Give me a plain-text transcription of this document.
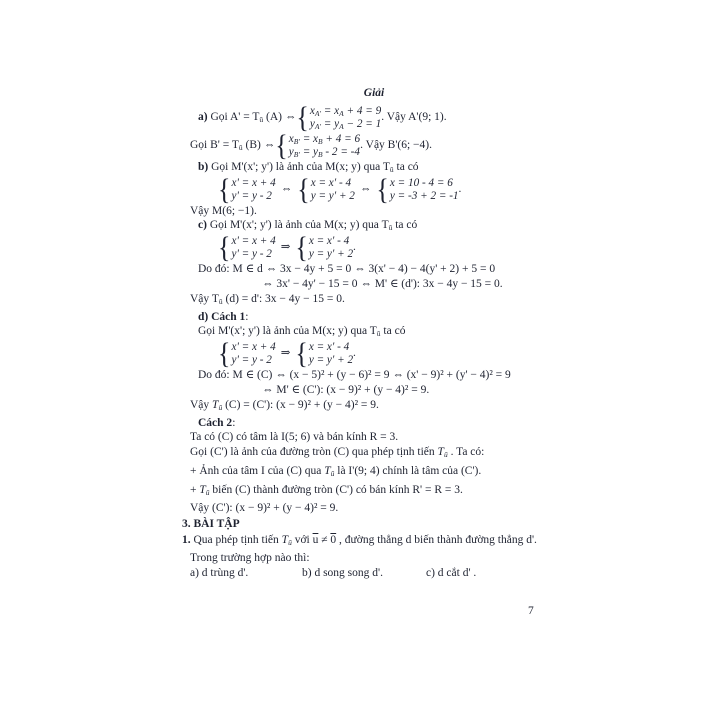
Giải
a) Gọi $A' = T_ū$ (A) ⇔ { $x_{A'} = x_A + 4 = 9$
$y_{A'} = y_A - 2 = 1$
. Vậy A'(9; 1).
Gọi $B' = T_ū$ (B) ⇔ { $x_{B'} = x_B + 4 = 6$
$y_{B'} = y_B - 2 = -4$
. Vậy B'(6; −4).
b) Gọi M'(x'; y') là ảnh của M(x; y) qua $T_ū$ ta có
{ x' = x + 4
y' = y - 2
⇔ { x = x' - 4
y = y' + 2
⇔ { x = 10 - 4 = 6
y = -3 + 2 = -1
.
Vậy M(6; −1).
c) Gọi M'(x'; y') là ảnh của M(x; y) qua $T_ū$ ta có
{ x' = x + 4
y' = y - 2
⇒ { x = x' - 4
y = y' + 2
.
Do đó: M ∈ d ⇔ 3x − 4y + 5 = 0 ⇔ 3(x' − 4) − 4(y' + 2) + 5 = 0
⇔ 3x' − 4y' − 15 = 0 ⇔ M' ∈ (d'): 3x − 4y − 15 = 0.
Vậy $T_ū$ (d) = d': 3x − 4y − 15 = 0.
d) Cách 1:
Gọi M'(x'; y') là ảnh của M(x; y) qua $T_ū$ ta có
{ x' = x + 4
y' = y - 2
⇒ { x = x' - 4
y = y' + 2
.
Do đó: M ∈ (C) ⇔ (x − 5)² + (y − 6)² = 9 ⇔ (x' − 9)² + (y' − 4)² = 9
⇔ M' ∈ (C'): (x − 9)² + (y − 4)² = 9.
Vậy $T_ū$ (C) = (C'): (x − 9)² + (y − 4)² = 9.
Cách 2:
Ta có (C) có tâm là I(5; 6) và bán kính R = 3.
Gọi (C') là ảnh của đường tròn (C) qua phép tịnh tiến $T_ū$ . Ta có:
+ Ảnh của tâm I của (C) qua $T_ū$ là I'(9; 4) chính là tâm của (C').
+ $T_ū$ biến (C) thành đường tròn (C') có bán kính R' = R = 3.
Vậy (C'): (x − 9)² + (y − 4)² = 9.
3. BÀI TẬP
1. Qua phép tịnh tiến $T_ū$ với $\overline{u} \ne 0$ , đường thẳng d biến thành đường thẳng d'.
Trong trường hợp nào thì:
a) d trùng d'.	b) d song song d'.	c) d cắt d' .
7
